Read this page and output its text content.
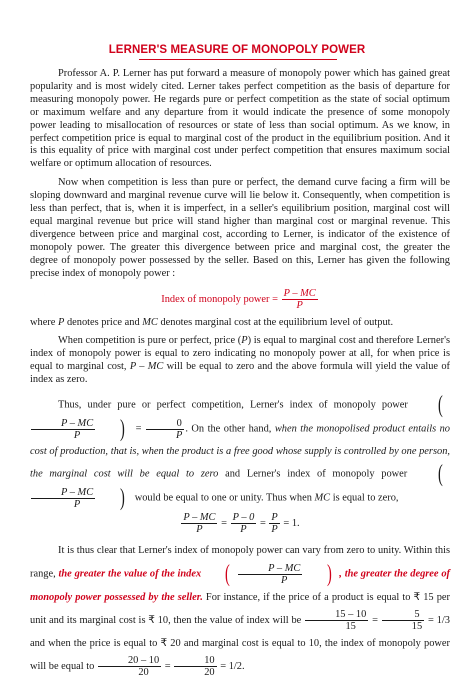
LERNER'S MEASURE OF MONOPOLY POWER

Professor A. P. Lerner has put forward a measure of monopoly power which has gained great popularity and is most widely cited. Lerner takes perfect competition as the basis of departure for measuring monopoly power. He regards pure or perfect competition as the state of social optimum or maximum welfare and any departure from it would indicate the presence of some monopoly power leading to misallocation of resources or state of less than social optimum. As we know, in perfect competition price is equal to marginal cost of the product in the equilibrium position. And it is this equality of price with marginal cost under perfect competition that ensures maximum social welfare or optimum allocation of resources.

Now when competition is less than pure or perfect, the demand curve facing a firm will be sloping downward and marginal revenue curve will lie below it. Consequently, when competition is less than perfect, that is, when it is imperfect, in a seller's equilibrium position, marginal cost will equal marginal revenue but price will stand higher than marginal cost or marginal revenue. This divergence between price and marginal cost, according to Lerner, is indicator of the existence of monopoly power. The greater this divergence between price and marginal cost, the greater the degree of monopoly power possessed by the seller. Based on this, Lerner has given the following precise index of monopoly power :

Index of monopoly power = $\frac{P - MC}{P}$

where P denotes price and MC denotes marginal cost at the equilibrium level of output.

When competition is pure or perfect, price (P) is equal to marginal cost and therefore Lerner's index of monopoly power is equal to zero indicating no monopoly power at all, for when price is equal to marginal cost, P – MC will be equal to zero and the above formula will yield the value of index as zero.

Thus, under pure or perfect competition, Lerner's index of monopoly power (
$\frac{P - MC}{P}$ ) = $\frac{0}{P}$ . On the other hand, when the monopolised product entails no cost of production, that is, when the product is a free good whose supply is controlled by one person, the marginal cost will be equal to zero and Lerner's index of monopoly power (
$\frac{P - MC}{P}$ ) would be equal to one or unity. Thus when MC is equal to zero,

$\frac{P - MC}{P} = \frac{P - 0}{P} = \frac{P}{P} = 1$.

It is thus clear that Lerner's index of monopoly power can vary from zero to unity. Within this range, the greater the value of the index ( $\frac{P - MC}{P}$ ) , the greater the degree of monopoly power possessed by the seller. For instance, if the price of a product is equal to ₹ 15 per unit and its marginal cost is ₹ 10, then the value of index will be $\frac{15 - 10}{15} = \frac{5}{15} = 1/3$ and when the price is equal to ₹ 20 and marginal cost is equal to 10, the index of monopoly power will be equal to $\frac{20 - 10}{20} = \frac{10}{20} = 1/2$.
